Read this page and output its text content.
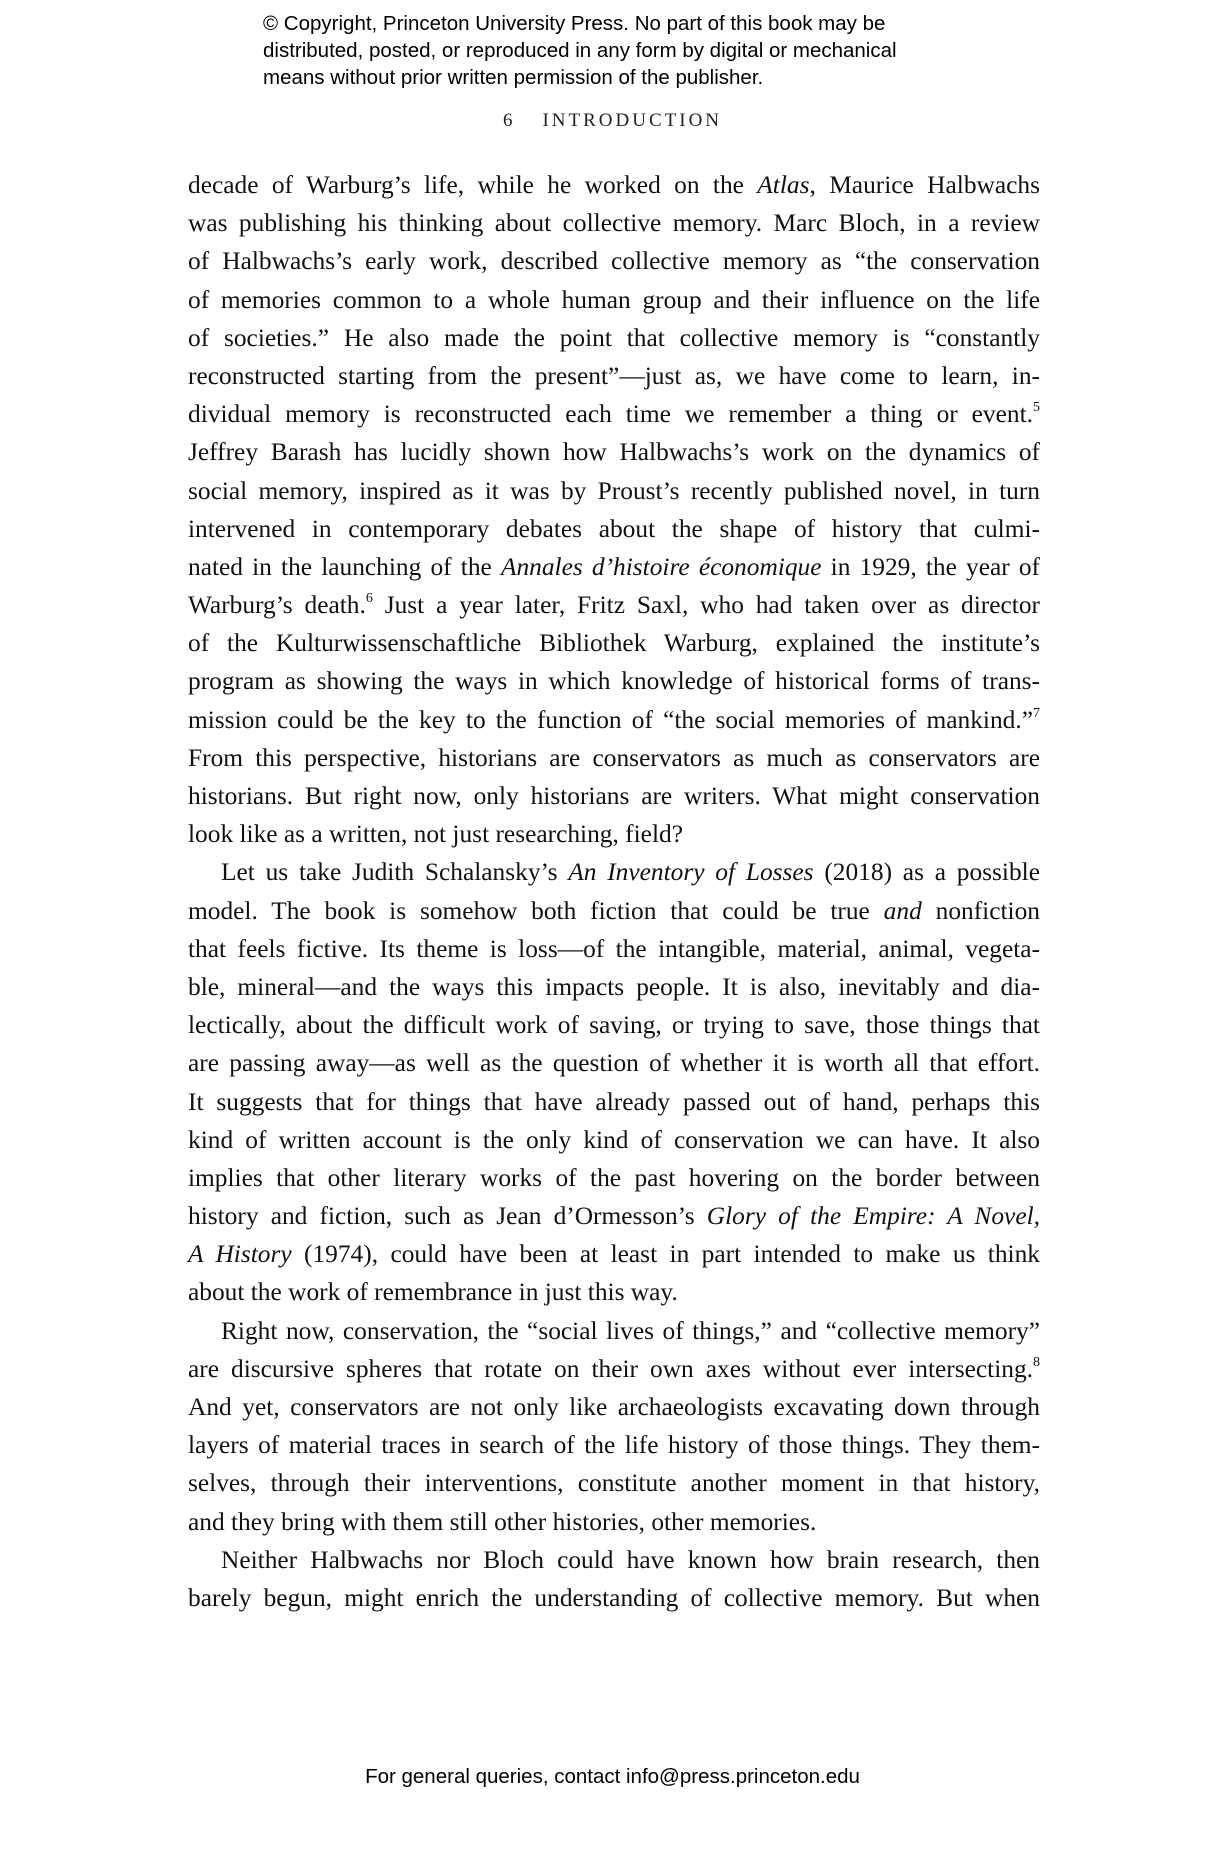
© Copyright, Princeton University Press. No part of this book may be
distributed, posted, or reproduced in any form by digital or mechanical
means without prior written permission of the publisher.
6 INTRODUCTION
decade of Warburg’s life, while he worked on the Atlas, Maurice Halbwachs
was publishing his thinking about collective memory. Marc Bloch, in a review
of Halbwachs’s early work, described collective memory as “the conservation
of memories common to a whole human group and their influence on the life
of societies.” He also made the point that collective memory is “constantly
reconstructed starting from the present”—just as, we have come to learn, in-
dividual memory is reconstructed each time we remember a thing or event.$^5$
Jeffrey Barash has lucidly shown how Halbwachs’s work on the dynamics of
social memory, inspired as it was by Proust’s recently published novel, in turn
intervened in contemporary debates about the shape of history that culmi-
nated in the launching of the Annales d’histoire économique in 1929, the year of
Warburg’s death.$^6$ Just a year later, Fritz Saxl, who had taken over as director
of the Kulturwissenschaftliche Bibliothek Warburg, explained the institute’s
program as showing the ways in which knowledge of historical forms of trans-
mission could be the key to the function of “the social memories of mankind.”$^7$
From this perspective, historians are conservators as much as conservators are
historians. But right now, only historians are writers. What might conservation
look like as a written, not just researching, field?
Let us take Judith Schalansky’s An Inventory of Losses (2018) as a possible
model. The book is somehow both fiction that could be true and nonfiction
that feels fictive. Its theme is loss—of the intangible, material, animal, vegeta-
ble, mineral—and the ways this impacts people. It is also, inevitably and dia-
lectically, about the difficult work of saving, or trying to save, those things that
are passing away—as well as the question of whether it is worth all that effort.
It suggests that for things that have already passed out of hand, perhaps this
kind of written account is the only kind of conservation we can have. It also
implies that other literary works of the past hovering on the border between
history and fiction, such as Jean d’Ormesson’s Glory of the Empire: A Novel,
A History (1974), could have been at least in part intended to make us think
about the work of remembrance in just this way.
Right now, conservation, the “social lives of things,” and “collective memory”
are discursive spheres that rotate on their own axes without ever intersecting.$^8$
And yet, conservators are not only like archaeologists excavating down through
layers of material traces in search of the life history of those things. They them-
selves, through their interventions, constitute another moment in that history,
and they bring with them still other histories, other memories.
Neither Halbwachs nor Bloch could have known how brain research, then
barely begun, might enrich the understanding of collective memory. But when
For general queries, contact info@press.princeton.edu
